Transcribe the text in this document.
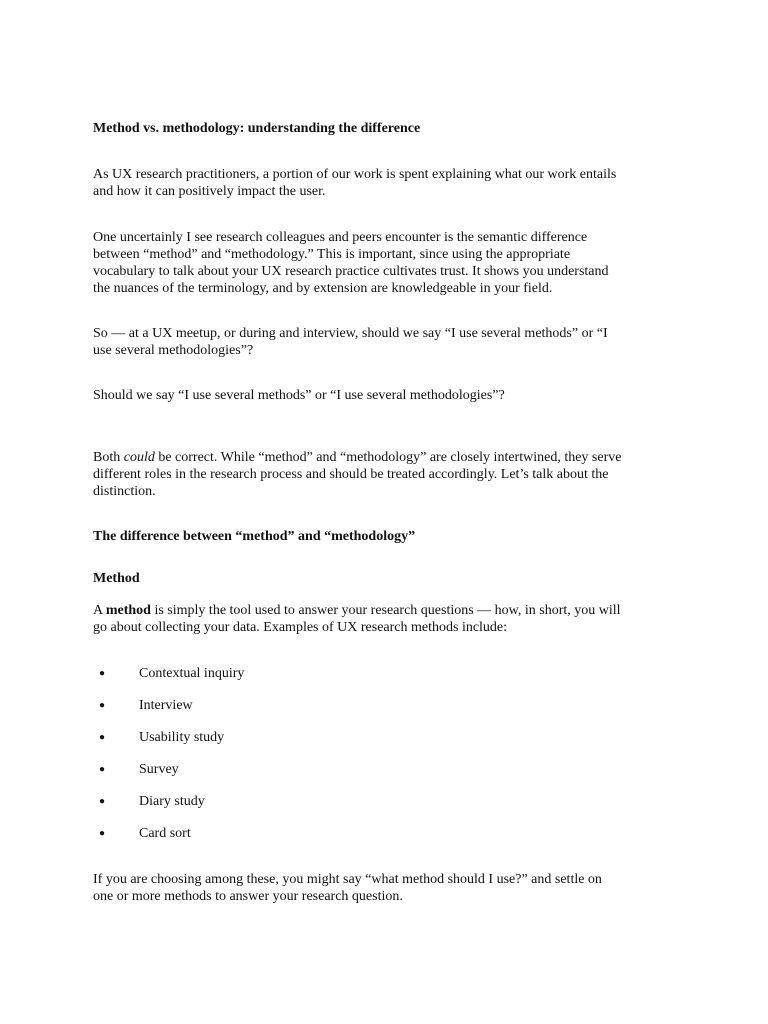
Method vs. methodology: understanding the difference

As UX research practitioners, a portion of our work is spent explaining what our work entails
and how it can positively impact the user.

One uncertainly I see research colleagues and peers encounter is the semantic difference
between “method” and “methodology.” This is important, since using the appropriate
vocabulary to talk about your UX research practice cultivates trust. It shows you understand
the nuances of the terminology, and by extension are knowledgeable in your field.

So — at a UX meetup, or during and interview, should we say “I use several methods” or “I
use several methodologies”?

Should we say “I use several methods” or “I use several methodologies”?

Both could be correct. While “method” and “methodology” are closely intertwined, they serve
different roles in the research process and should be treated accordingly. Let’s talk about the
distinction.

The difference between “method” and “methodology”

Method

A method is simply the tool used to answer your research questions — how, in short, you will
go about collecting your data. Examples of UX research methods include:

● Contextual inquiry
● Interview
● Usability study
● Survey
● Diary study
● Card sort

If you are choosing among these, you might say “what method should I use?” and settle on
one or more methods to answer your research question.
